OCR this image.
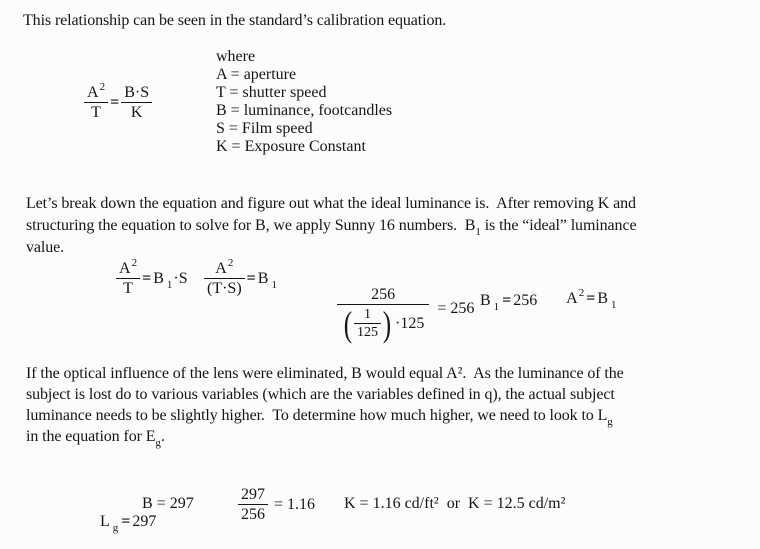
This relationship can be seen in the standard’s calibration equation.
$\frac{A^2}{T} = \frac{B\cdot S}{K}$
where
A = aperture
T = shutter speed
B = luminance, footcandles
S = Film speed
K = Exposure Constant
Let’s break down the equation and figure out what the ideal luminance is.  After removing K and
structuring the equation to solve for B, we apply Sunny 16 numbers.  $B_1$ is the “ideal” luminance
value.
$\frac{A^2}{T} = B$ $_1\cdot S \frac{A^2}{(T\cdot S)} = B$ $_1$

256
( $\frac{1}{125}$ ) ·125
= 256

B $_1$ = 256
	$A^2 = B$ $_1$

If the optical influence of the lens were eliminated, B would equal A².  As the luminance of the
subject is lost do to various variables (which are the variables defined in q), the actual subject
luminance needs to be slightly higher.  To determine how much higher, we need to look to $L_g$
in the equation for $E_g$.

L $_g$ = 297

B = 297	$\frac{297}{256} = 1.16$ K = 1.16 cd/ft²  or  K = 12.5 cd/m²
